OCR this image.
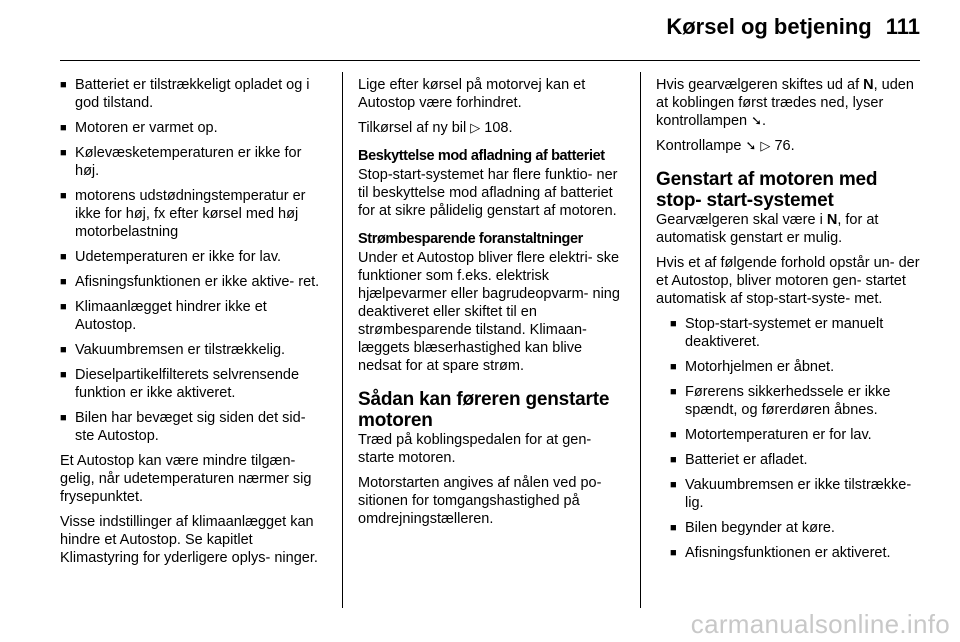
Kørsel og betjening 111
■ Batteriet er tilstrækkeligt opladet og i god tilstand.
■ Motoren er varmet op.
■ Kølevæsketemperaturen er ikke for høj.
■ motorens udstødningstemperatur er ikke for høj, fx efter kørsel med høj motorbelastning
■ Udetemperaturen er ikke for lav.
■ Afisningsfunktionen er ikke aktive- ret.
■ Klimaanlægget hindrer ikke et Autostop.
■ Vakuumbremsen er tilstrækkelig.
■ Dieselpartikelfilterets selvrensende funktion er ikke aktiveret.
■ Bilen har bevæget sig siden det sid- ste Autostop.

Et Autostop kan være mindre tilgæn- gelig, når udetemperaturen nærmer sig frysepunktet.

Visse indstillinger af klimaanlægget kan hindre et Autostop. Se kapitlet Klimastyring for yderligere oplys- ninger.

Lige efter kørsel på motorvej kan et Autostop være forhindret.

Tilkørsel af ny bil ▷ 108.

Beskyttelse mod afladning af batteriet

Stop-start-systemet har flere funktio- ner til beskyttelse mod afladning af batteriet for at sikre pålidelig genstart af motoren.

Strømbesparende foranstaltninger

Under et Autostop bliver flere elektri- ske funktioner som f.eks. elektrisk hjælpevarmer eller bagrudeopvarm- ning deaktiveret eller skiftet til en strømbesparende tilstand. Klimaan- læggets blæserhastighed kan blive nedsat for at spare strøm.

Sådan kan føreren genstarte motoren

Træd på koblingspedalen for at gen- starte motoren.

Motorstarten angives af nålen ved po- sitionen for tomgangshastighed på omdrejningstælleren.

Hvis gearvælgeren skiftes ud af N, uden at koblingen først trædes ned, lyser kontrollampen ➘.

Kontrollampe ➘ ▷ 76.

Genstart af motoren med stop- start-systemet

Gearvælgeren skal være i N, for at automatisk genstart er mulig.

Hvis et af følgende forhold opstår un- der et Autostop, bliver motoren gen- startet automatisk af stop-start-syste- met.

■ Stop-start-systemet er manuelt deaktiveret.
■ Motorhjelmen er åbnet.
■ Førerens sikkerhedssele er ikke spændt, og førerdøren åbnes.
■ Motortemperaturen er for lav.
■ Batteriet er afladet.
■ Vakuumbremsen er ikke tilstrække- lig.
■ Bilen begynder at køre.
■ Afisningsfunktionen er aktiveret.
carmanualsonline.info
